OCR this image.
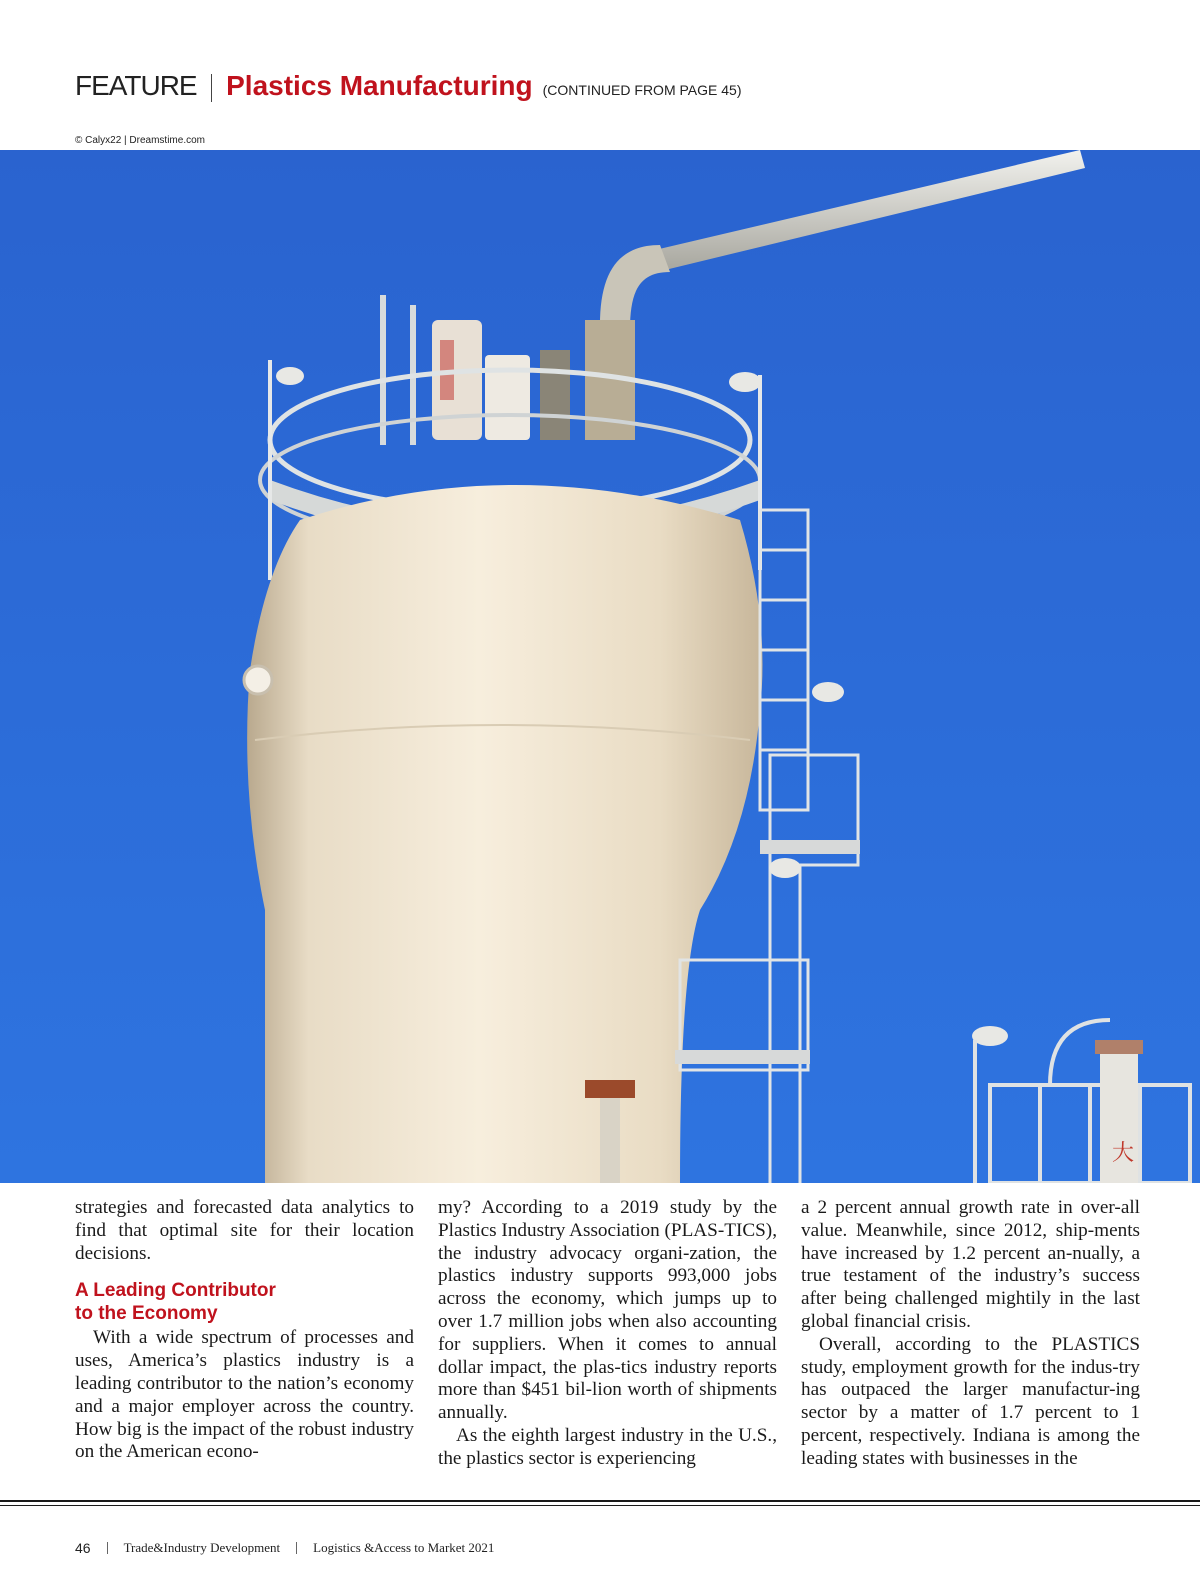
FEATURE Plastics Manufacturing (CONTINUED FROM PAGE 45)
© Calyx22 | Dreamstime.com
大

strategies and forecasted data analytics to find that optimal site for their location decisions.

A Leading Contributor
to the Economy

With a wide spectrum of processes and uses, America’s plastics industry is a leading contributor to the nation’s economy and a major employer across the country. How big is the impact of the robust industry on the American econo-

my? According to a 2019 study by the Plastics Industry Association (PLAS-TICS), the industry advocacy organi-zation, the plastics industry supports 993,000 jobs across the economy, which jumps up to over 1.7 million jobs when also accounting for suppliers. When it comes to annual dollar impact, the plas-tics industry reports more than $451 bil-lion worth of shipments annually.

As the eighth largest industry in the U.S., the plastics sector is experiencing

a 2 percent annual growth rate in over-all value. Meanwhile, since 2012, ship-ments have increased by 1.2 percent an-nually, a true testament of the industry’s success after being challenged mightily in the last global financial crisis.

Overall, according to the PLASTICS study, employment growth for the indus-try has outpaced the larger manufactur-ing sector by a matter of 1.7 percent to 1 percent, respectively. Indiana is among the leading states with businesses in the

46	Trade&Industry Development	Logistics &Access to Market 2021
